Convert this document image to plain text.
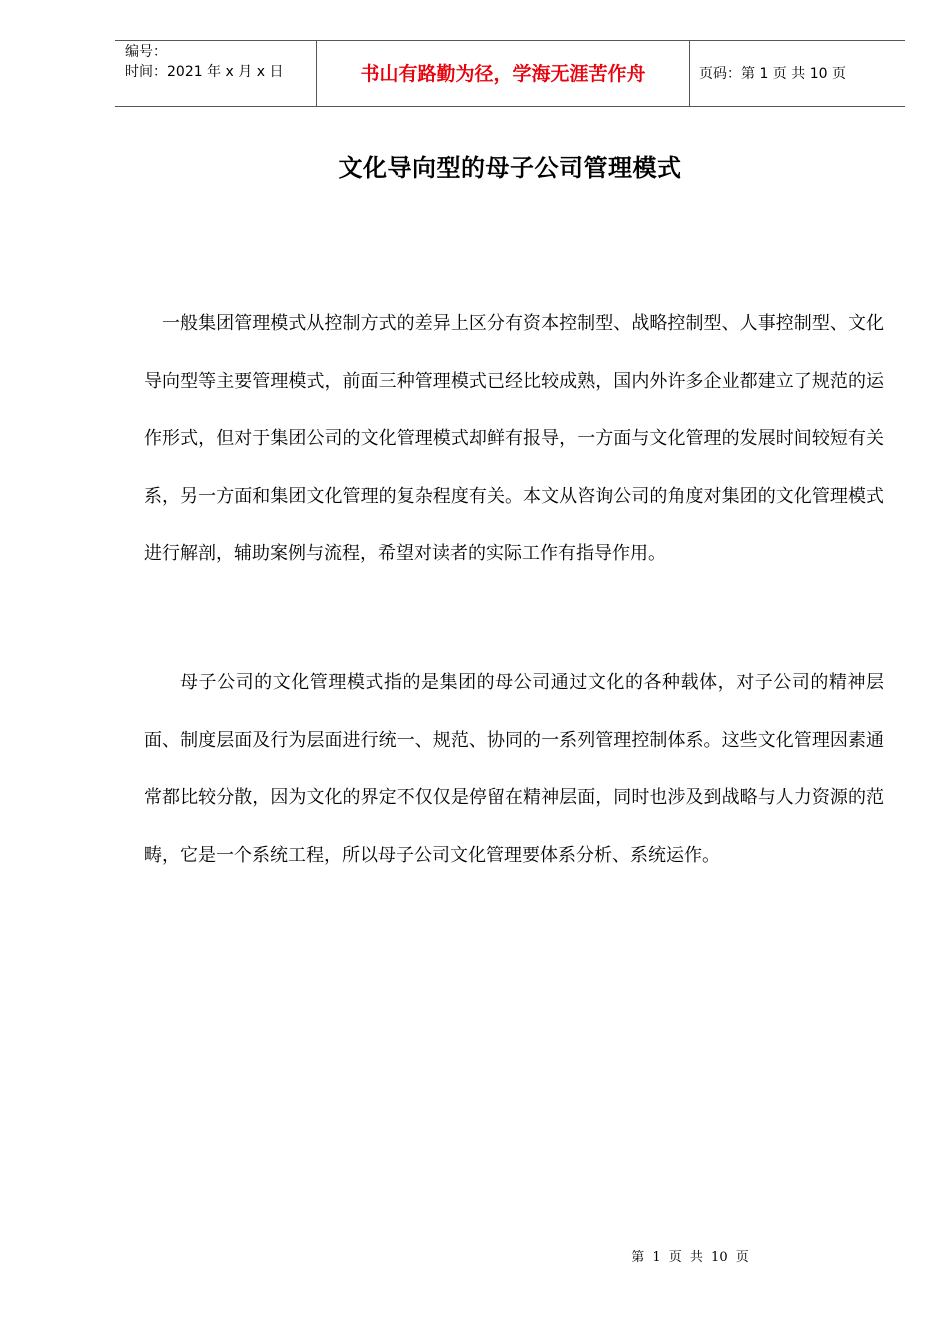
编号：
时间：2021 年 x 月 x 日	书山有路勤为径，学海无涯苦作舟	页码：第 1 页 共 10 页
文化导向型的母子公司管理模式
一般集团管理模式从控制方式的差异上区分有资本控制型、战略控制型、人事控制型、文化导向型等主要管理模式，前面三种管理模式已经比较成熟，国内外许多企业都建立了规范的运作形式，但对于集团公司的文化管理模式却鲜有报导，一方面与文化管理的发展时间较短有关系，另一方面和集团文化管理的复杂程度有关。本文从咨询公司的角度对集团的文化管理模式进行解剖，辅助案例与流程，希望对读者的实际工作有指导作用。
母子公司的文化管理模式指的是集团的母公司通过文化的各种载体，对子公司的精神层面、制度层面及行为层面进行统一、规范、协同的一系列管理控制体系。这些文化管理因素通常都比较分散，因为文化的界定不仅仅是停留在精神层面，同时也涉及到战略与人力资源的范畴，它是一个系统工程，所以母子公司文化管理要体系分析、系统运作。
第 1 页 共 10 页
